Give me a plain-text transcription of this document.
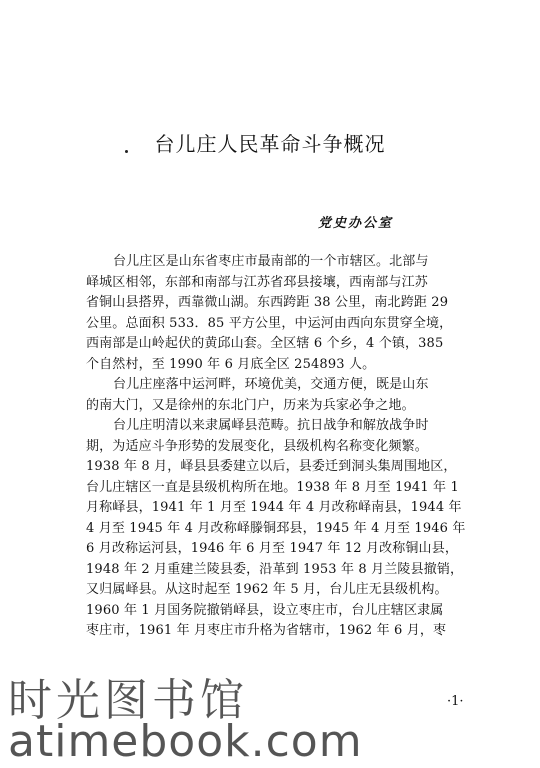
台儿庄人民革命斗争概况
党史办公室
台儿庄区是山东省枣庄市最南部的一个市辖区。北部与
峄城区相邻，东部和南部与江苏省邳县接壤，西南部与江苏
省铜山县搭界，西靠微山湖。东西跨距 38 公里，南北跨距 29
公里。总面积 533．85 平方公里，中运河由西向东贯穿全境，
西南部是山岭起伏的黄邱山套。全区辖 6 个乡，4 个镇，385
个自然村，至 1990 年 6 月底全区 254893 人。
台儿庄座落中运河畔，环境优美，交通方便，既是山东
的南大门，又是徐州的东北门户，历来为兵家必争之地。
台儿庄明清以来隶属峄县范畴。抗日战争和解放战争时
期，为适应斗争形势的发展变化，县级机构名称变化频繁。
1938 年 8 月，峄县县委建立以后，县委迁到洞头集周围地区，
台儿庄辖区一直是县级机构所在地。1938 年 8 月至 1941 年 1
月称峄县，1941 年 1 月至 1944 年 4 月改称峄南县，1944 年
4 月至 1945 年 4 月改称峄滕铜邳县，1945 年 4 月至 1946 年
6 月改称运河县，1946 年 6 月至 1947 年 12 月改称铜山县，
1948 年 2 月重建兰陵县委，沿革到 1953 年 8 月兰陵县撤销，
又归属峄县。从这时起至 1962 年 5 月，台儿庄无县级机构。
1960 年 1 月国务院撤销峄县，设立枣庄市，台儿庄辖区隶属
枣庄市，1961 年 月枣庄市升格为省辖市，1962 年 6 月，枣
·1·
时光图书馆
atimebook.com
